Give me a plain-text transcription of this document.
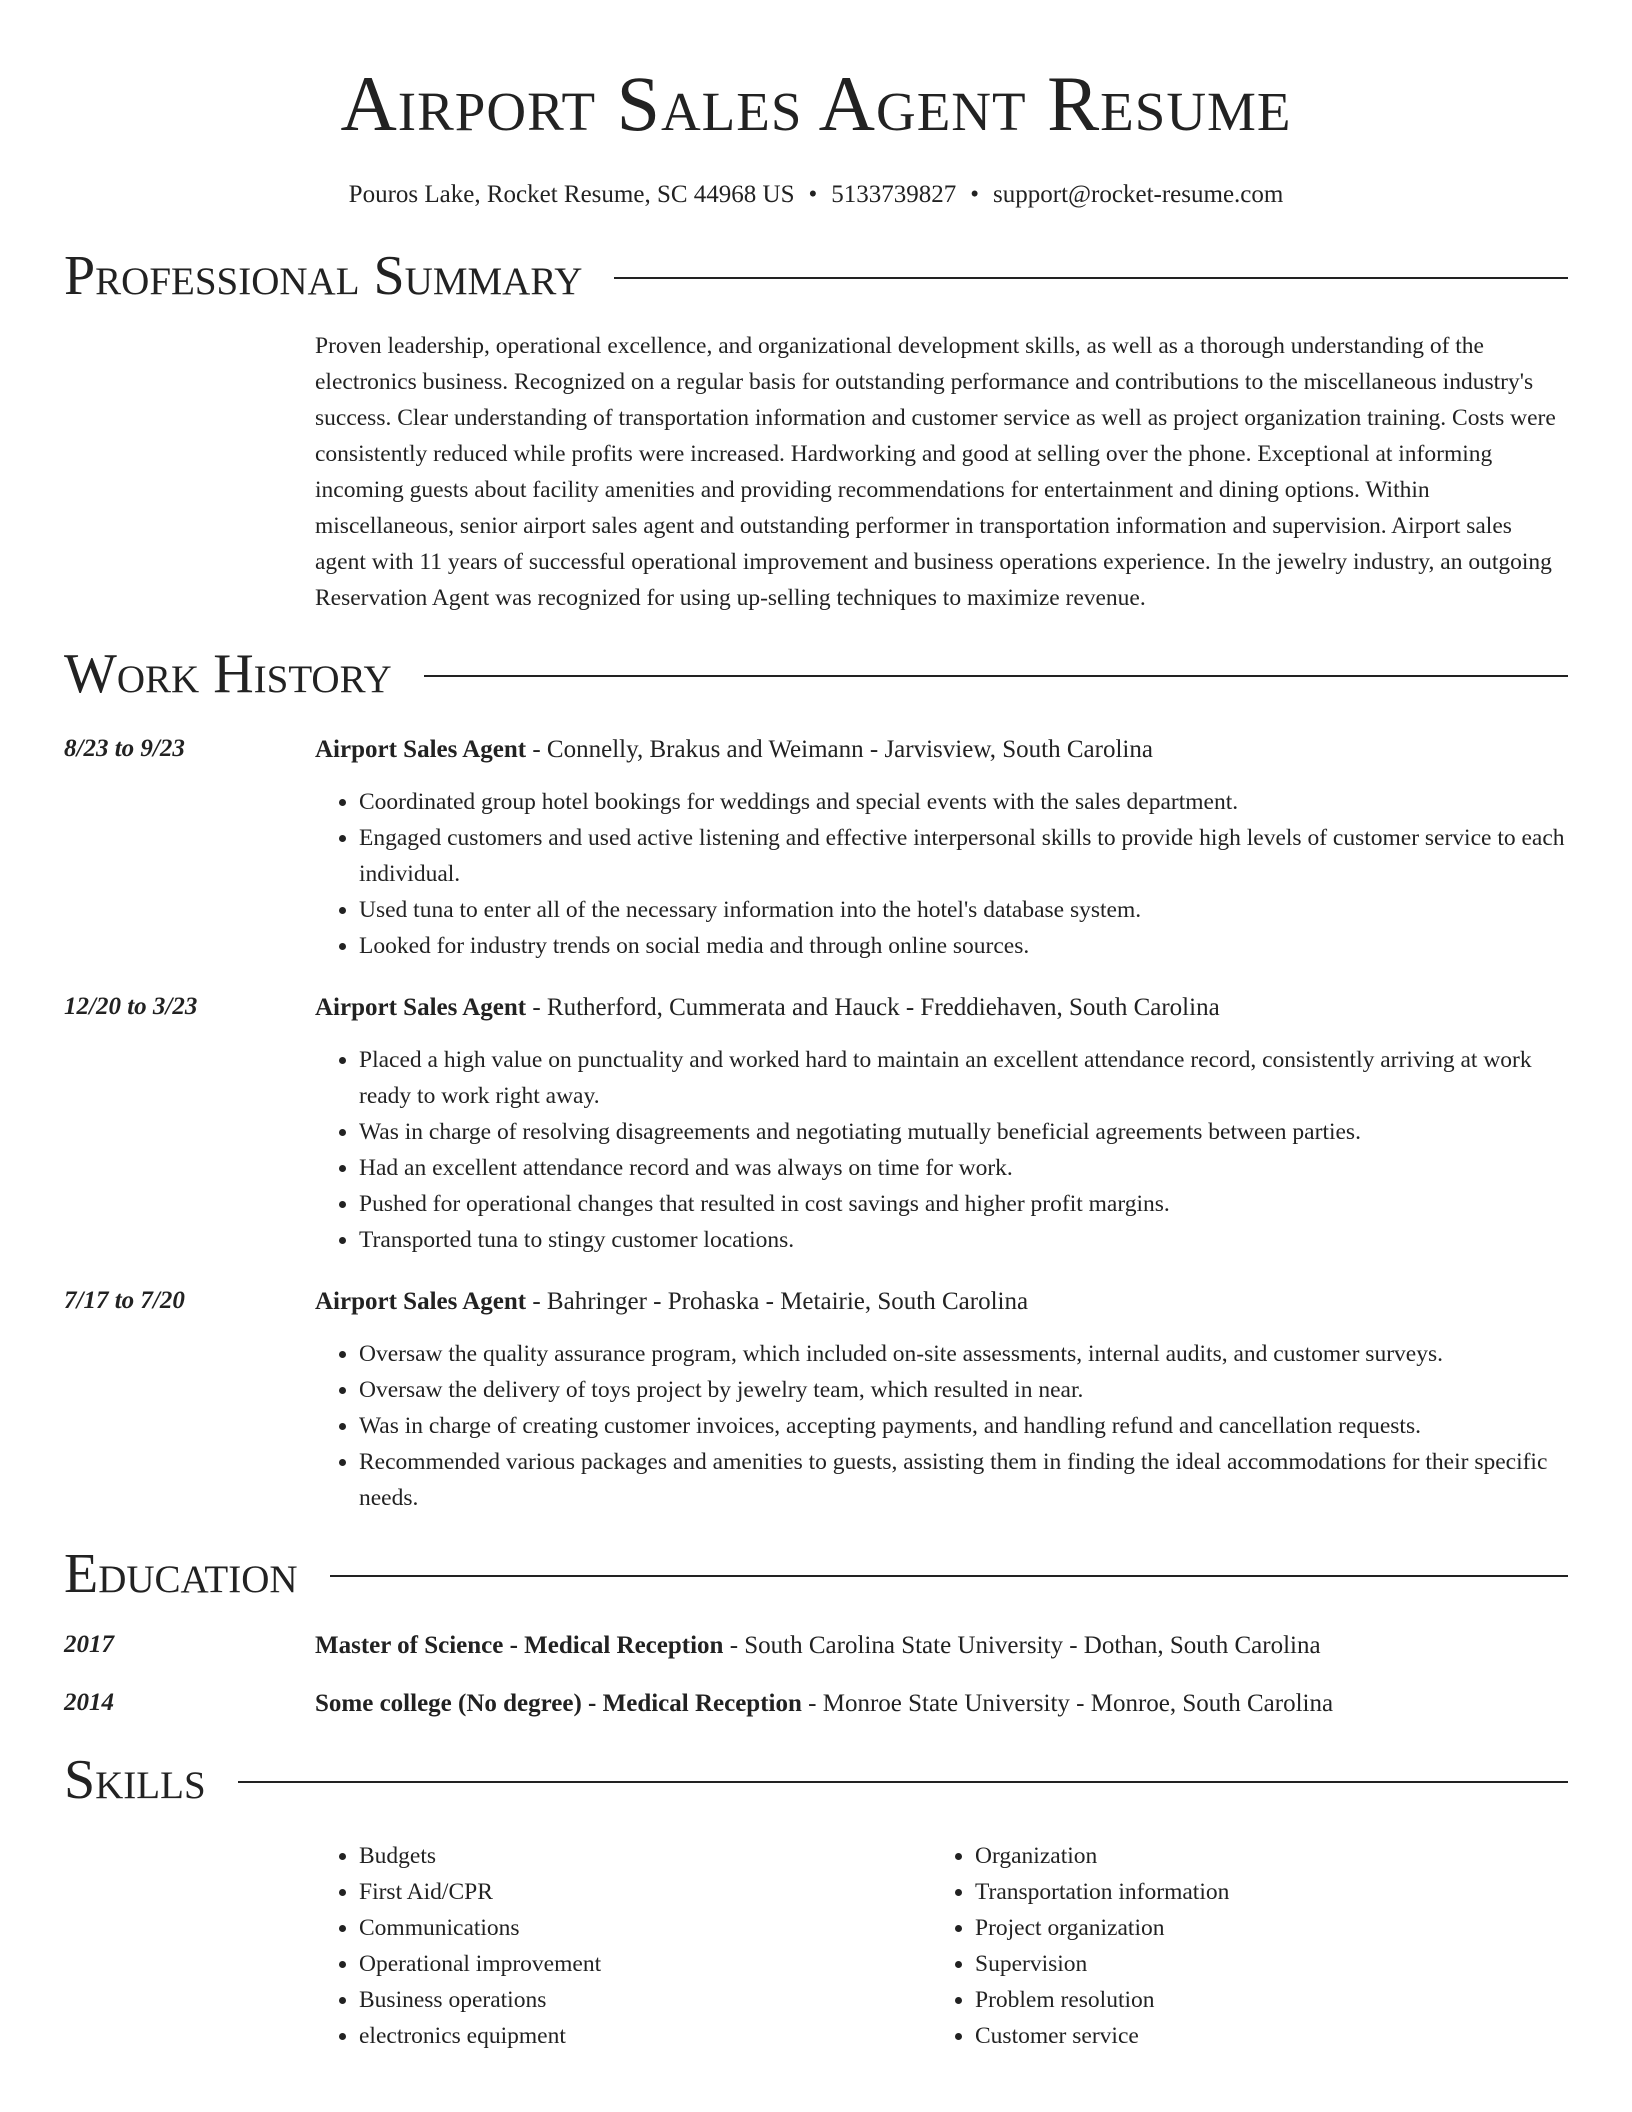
Airport Sales Agent Resume
Pouros Lake, Rocket Resume, SC 44968 US • 5133739827 • support@rocket-resume.com
Professional Summary
Proven leadership, operational excellence, and organizational development skills, as well as a thorough understanding of the electronics business. Recognized on a regular basis for outstanding performance and contributions to the miscellaneous industry's success. Clear understanding of transportation information and customer service as well as project organization training. Costs were consistently reduced while profits were increased. Hardworking and good at selling over the phone. Exceptional at informing incoming guests about facility amenities and providing recommendations for entertainment and dining options. Within miscellaneous, senior airport sales agent and outstanding performer in transportation information and supervision. Airport sales agent with 11 years of successful operational improvement and business operations experience. In the jewelry industry, an outgoing Reservation Agent was recognized for using up-selling techniques to maximize revenue.
Work History
8/23 to 9/23	Airport Sales Agent - Connelly, Brakus and Weimann - Jarvisview, South Carolina
• Coordinated group hotel bookings for weddings and special events with the sales department.
• Engaged customers and used active listening and effective interpersonal skills to provide high levels of customer service to each individual.
• Used tuna to enter all of the necessary information into the hotel's database system.
• Looked for industry trends on social media and through online sources.
12/20 to 3/23	Airport Sales Agent - Rutherford, Cummerata and Hauck - Freddiehaven, South Carolina
• Placed a high value on punctuality and worked hard to maintain an excellent attendance record, consistently arriving at work ready to work right away.
• Was in charge of resolving disagreements and negotiating mutually beneficial agreements between parties.
• Had an excellent attendance record and was always on time for work.
• Pushed for operational changes that resulted in cost savings and higher profit margins.
• Transported tuna to stingy customer locations.
7/17 to 7/20	Airport Sales Agent - Bahringer - Prohaska - Metairie, South Carolina
• Oversaw the quality assurance program, which included on-site assessments, internal audits, and customer surveys.
• Oversaw the delivery of toys project by jewelry team, which resulted in near.
• Was in charge of creating customer invoices, accepting payments, and handling refund and cancellation requests.
• Recommended various packages and amenities to guests, assisting them in finding the ideal accommodations for their specific needs.
Education
2017	Master of Science - Medical Reception - South Carolina State University - Dothan, South Carolina
2014	Some college (No degree) - Medical Reception - Monroe State University - Monroe, South Carolina
Skills
• Budgets
• First Aid/CPR
• Communications
• Operational improvement
• Business operations
• electronics equipment
• Organization
• Transportation information
• Project organization
• Supervision
• Problem resolution
• Customer service
